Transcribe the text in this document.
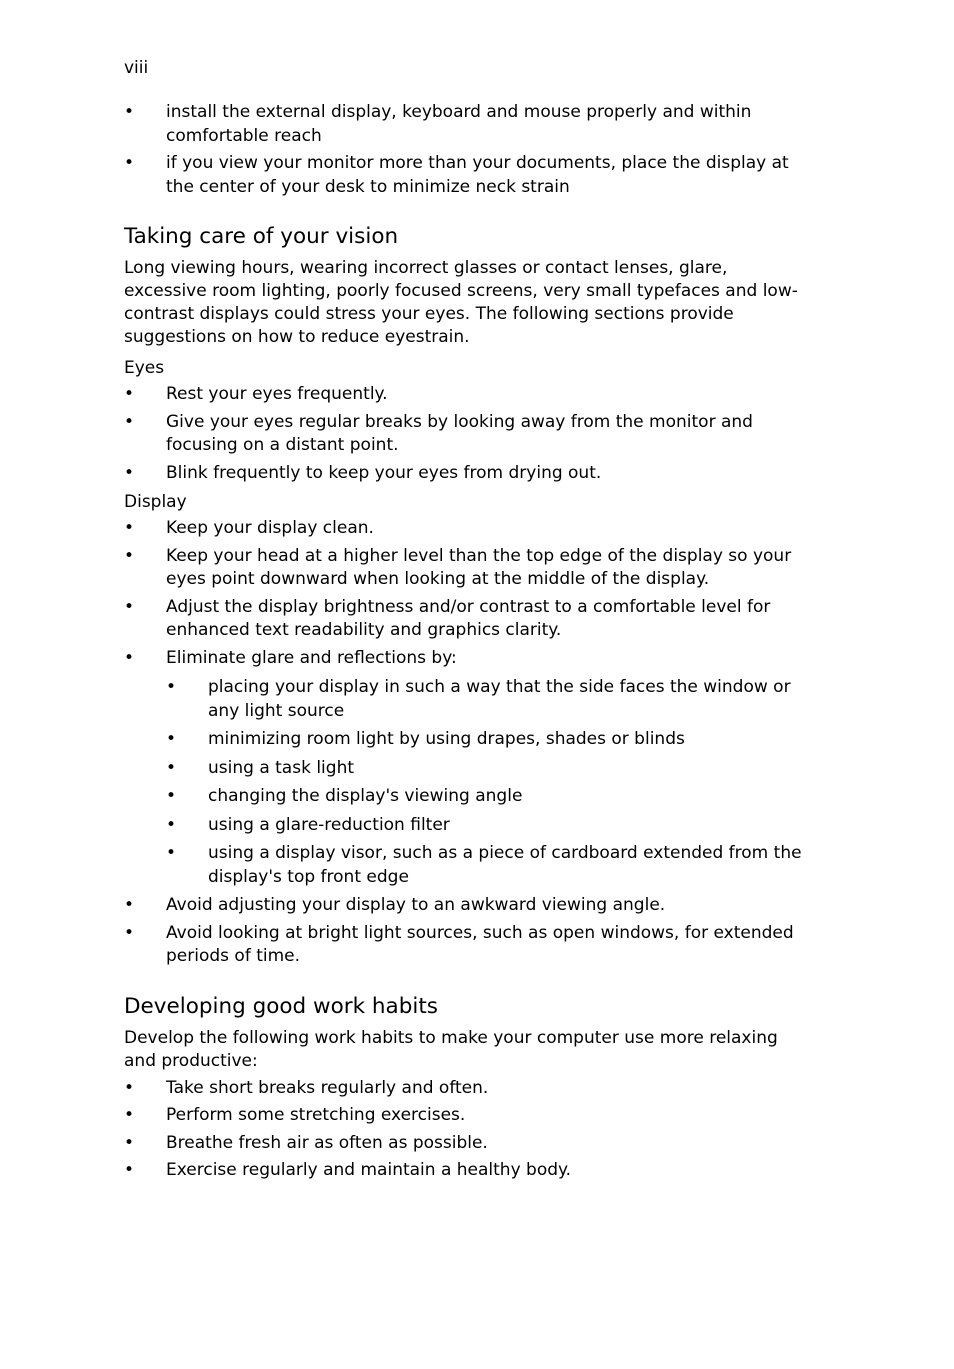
viii
• install the external display, keyboard and mouse properly and within comfortable reach
• if you view your monitor more than your documents, place the display at the center of your desk to minimize neck strain
Taking care of your vision

Long viewing hours, wearing incorrect glasses or contact lenses, glare, excessive room lighting, poorly focused screens, very small typefaces and low-contrast displays could stress your eyes. The following sections provide suggestions on how to reduce eyestrain.

Eyes
• Rest your eyes frequently.
• Give your eyes regular breaks by looking away from the monitor and focusing on a distant point.
• Blink frequently to keep your eyes from drying out.
Display
• Keep your display clean.
• Keep your head at a higher level than the top edge of the display so your eyes point downward when looking at the middle of the display.
• Adjust the display brightness and/or contrast to a comfortable level for enhanced text readability and graphics clarity.
• Eliminate glare and reflections by:
• placing your display in such a way that the side faces the window or any light source
• minimizing room light by using drapes, shades or blinds
• using a task light
• changing the display's viewing angle
• using a glare-reduction filter
• using a display visor, such as a piece of cardboard extended from the display's top front edge
• Avoid adjusting your display to an awkward viewing angle.
• Avoid looking at bright light sources, such as open windows, for extended periods of time.
Developing good work habits

Develop the following work habits to make your computer use more relaxing and productive:

• Take short breaks regularly and often.
• Perform some stretching exercises.
• Breathe fresh air as often as possible.
• Exercise regularly and maintain a healthy body.
